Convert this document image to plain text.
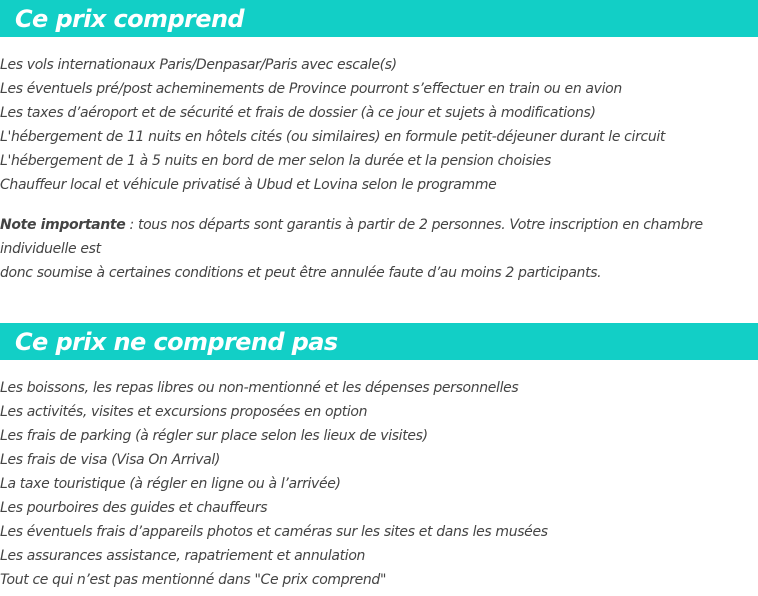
Ce prix comprend
Les vols internationaux Paris/Denpasar/Paris avec escale(s)
Les éventuels pré/post acheminements de Province pourront s’effectuer en train ou en avion
Les taxes d’aéroport et de sécurité et frais de dossier (à ce jour et sujets à modifications)
L'hébergement de 11 nuits en hôtels cités (ou similaires) en formule petit-déjeuner durant le circuit
L'hébergement de 1 à 5 nuits en bord de mer selon la durée et la pension choisies
Chauffeur local et véhicule privatisé à Ubud et Lovina selon le programme

Note importante : tous nos départs sont garantis à partir de 2 personnes. Votre inscription en chambre individuelle est
donc soumise à certaines conditions et peut être annulée faute d’au moins 2 participants.

Ce prix ne comprend pas
Les boissons, les repas libres ou non-mentionné et les dépenses personnelles
Les activités, visites et excursions proposées en option
Les frais de parking (à régler sur place selon les lieux de visites)
Les frais de visa (Visa On Arrival)
La taxe touristique (à régler en ligne ou à l’arrivée)
Les pourboires des guides et chauffeurs
Les éventuels frais d’appareils photos et caméras sur les sites et dans les musées
Les assurances assistance, rapatriement et annulation
Tout ce qui n’est pas mentionné dans "Ce prix comprend"
